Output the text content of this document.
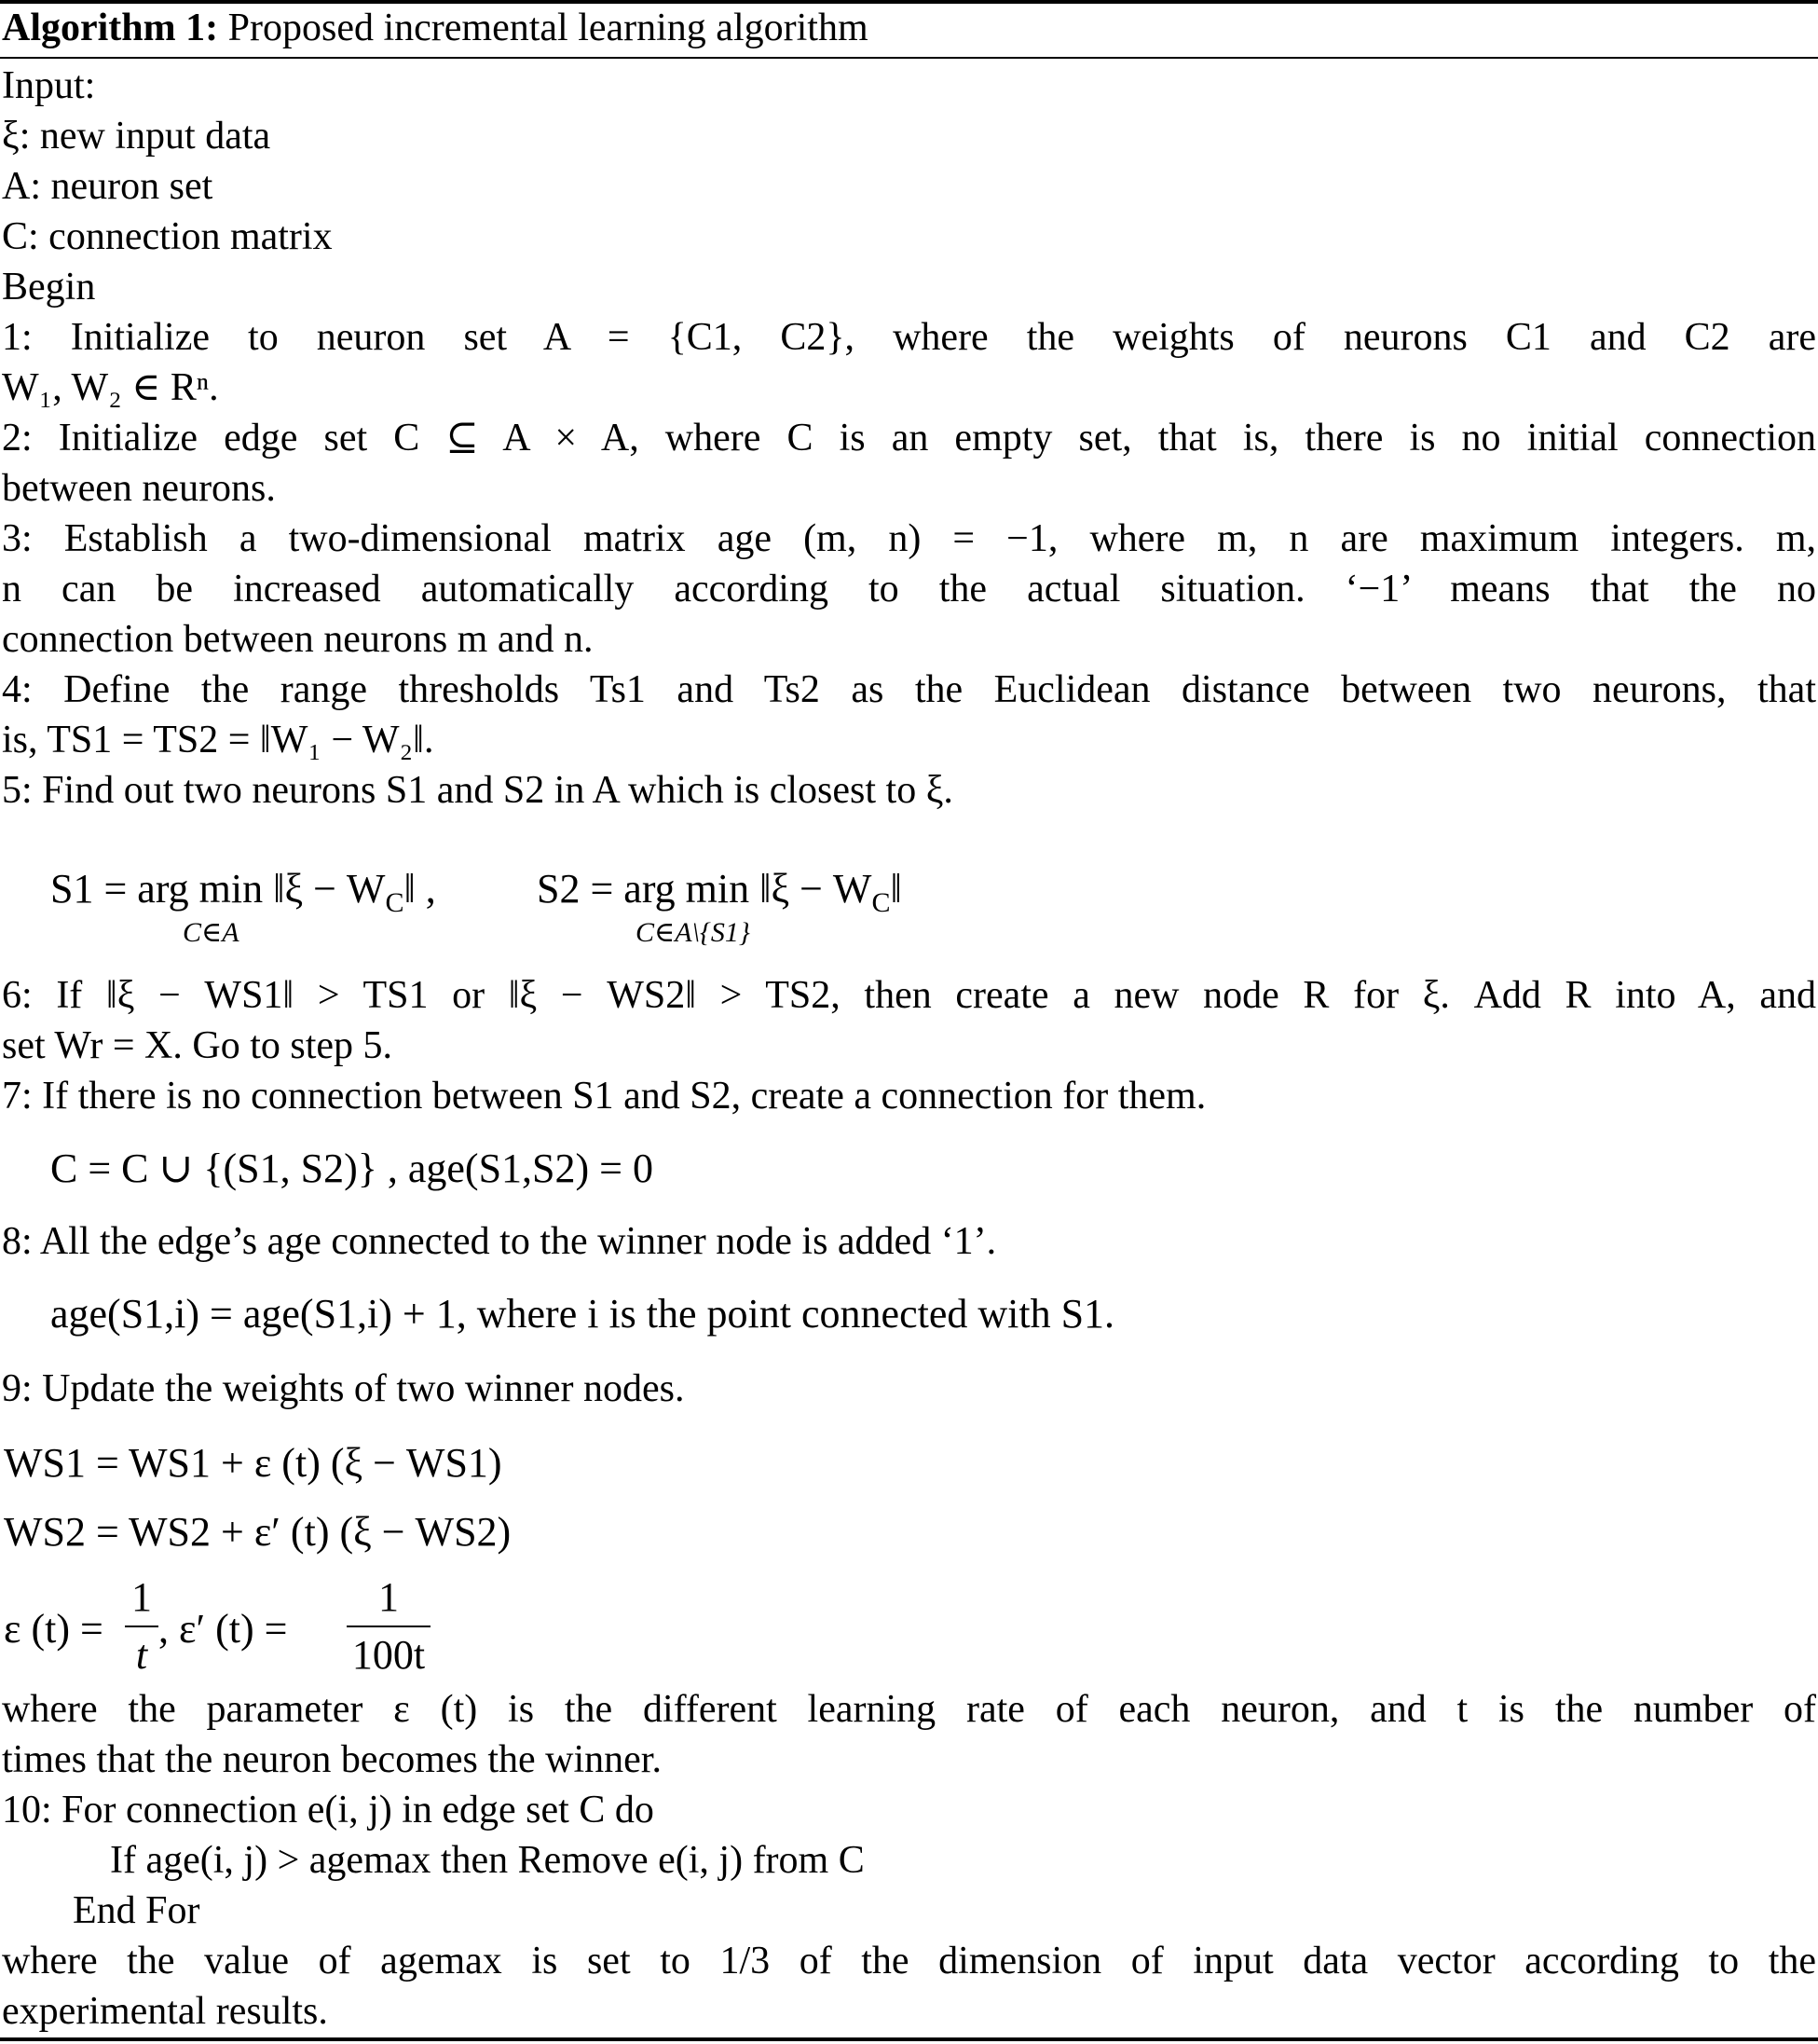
Algorithm 1: Proposed incremental learning algorithm
Input:
ξ: new input data
A: neuron set
C: connection matrix
Begin
1: Initialize to neuron set A = {C1, C2}, where the weights of neurons C1 and C2 are
W₁, W₂ ∈ Rⁿ.
2: Initialize edge set C ⊆ A × A, where C is an empty set, that is, there is no initial connection
between neurons.
3: Establish a two-dimensional matrix age (m, n) = −1, where m, n are maximum integers. m,
n can be increased automatically according to the actual situation. ‘−1’ means that the no
connection between neurons m and n.
4: Define the range thresholds Ts1 and Ts2 as the Euclidean distance between two neurons, that
is, TS1 = TS2 = ‖W₁ − W₂‖.
5: Find out two neurons S1 and S2 in A which is closest to ξ.
S1 = arg min ‖ξ − $W_C‖$ ,
C∈A
S2 = arg min ‖ξ − $W_C‖$
C∈A\{S1}
6: If ‖ξ − WS1‖ > TS1 or ‖ξ − WS2‖ > TS2, then create a new node R for ξ. Add R into A, and
set Wr = X. Go to step 5.
7: If there is no connection between S1 and S2, create a connection for them.
C = C ∪ {(S1, S2)} , age(S1,S2) = 0
8: All the edge’s age connected to the winner node is added ‘1’.
age(S1,i) = age(S1,i) + 1, where i is the point connected with S1.
9: Update the weights of two winner nodes.
WS1 = WS1 + ε (t) (ξ − WS1)
WS2 = WS2 + ε′ (t) (ξ − WS2)
ε (t) =
1
t
, ε′ (t) =
1
100t
where the parameter ε (t) is the different learning rate of each neuron, and t is the number of
times that the neuron becomes the winner.
10: For connection e(i, j) in edge set C do
If age(i, j) > agemax then Remove e(i, j) from C
End For
where the value of agemax is set to 1/3 of the dimension of input data vector according to the
experimental results.
